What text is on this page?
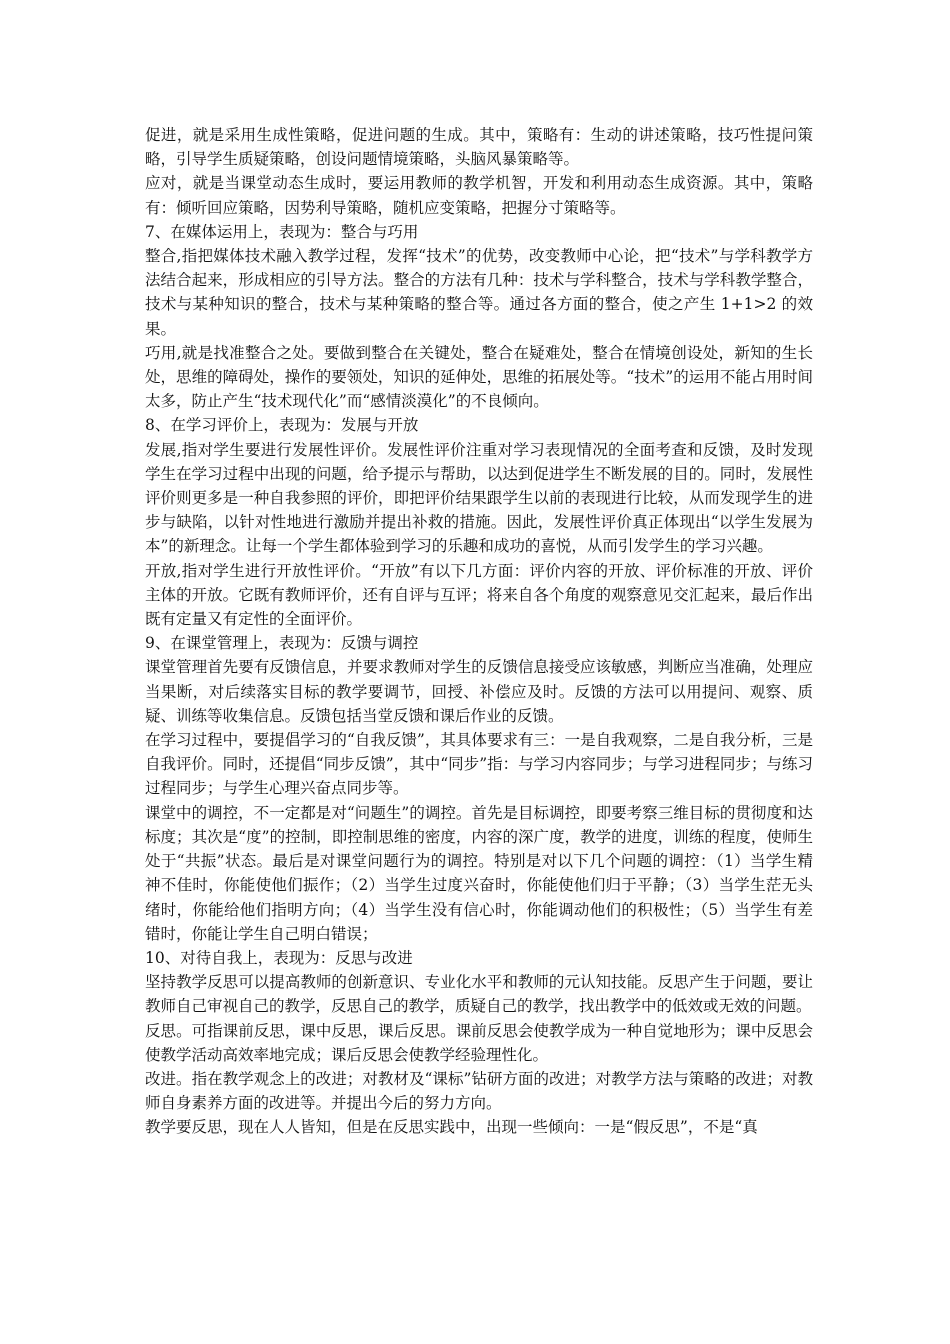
促进，就是采用生成性策略，促进问题的生成。其中，策略有：生动的讲述策略，技巧性提问策略，引导学生质疑策略，创设问题情境策略，头脑风暴策略等。

应对，就是当课堂动态生成时，要运用教师的教学机智，开发和利用动态生成资源。其中，策略有：倾听回应策略，因势利导策略，随机应变策略，把握分寸策略等。

7、在媒体运用上，表现为：整合与巧用

整合,指把媒体技术融入教学过程，发挥“技术”的优势，改变教师中心论，把“技术”与学科教学方法结合起来，形成相应的引导方法。整合的方法有几种：技术与学科整合，技术与学科教学整合，技术与某种知识的整合，技术与某种策略的整合等。通过各方面的整合，使之产生 1+1>2 的效果。

巧用,就是找准整合之处。要做到整合在关键处，整合在疑难处，整合在情境创设处，新知的生长处，思维的障碍处，操作的要领处，知识的延伸处，思维的拓展处等。“技术”的运用不能占用时间太多，防止产生“技术现代化”而“感情淡漠化”的不良倾向。

8、在学习评价上，表现为：发展与开放

发展,指对学生要进行发展性评价。发展性评价注重对学习表现情况的全面考查和反馈，及时发现学生在学习过程中出现的问题，给予提示与帮助，以达到促进学生不断发展的目的。同时，发展性评价则更多是一种自我参照的评价，即把评价结果跟学生以前的表现进行比较，从而发现学生的进步与缺陷，以针对性地进行激励并提出补救的措施。因此，发展性评价真正体现出“以学生发展为本”的新理念。让每一个学生都体验到学习的乐趣和成功的喜悦，从而引发学生的学习兴趣。

开放,指对学生进行开放性评价。“开放”有以下几方面：评价内容的开放、评价标准的开放、评价主体的开放。它既有教师评价，还有自评与互评；将来自各个角度的观察意见交汇起来，最后作出既有定量又有定性的全面评价。

9、在课堂管理上，表现为：反馈与调控

课堂管理首先要有反馈信息，并要求教师对学生的反馈信息接受应该敏感，判断应当准确，处理应当果断，对后续落实目标的教学要调节，回授、补偿应及时。反馈的方法可以用提问、观察、质疑、训练等收集信息。反馈包括当堂反馈和课后作业的反馈。

在学习过程中，要提倡学习的“自我反馈”，其具体要求有三：一是自我观察，二是自我分析，三是自我评价。同时，还提倡“同步反馈”，其中“同步”指：与学习内容同步；与学习进程同步；与练习过程同步；与学生心理兴奋点同步等。

课堂中的调控，不一定都是对“问题生”的调控。首先是目标调控，即要考察三维目标的贯彻度和达标度；其次是“度”的控制，即控制思维的密度，内容的深广度，教学的进度，训练的程度，使师生处于“共振”状态。最后是对课堂问题行为的调控。特别是对以下几个问题的调控：（1）当学生精神不佳时，你能使他们振作；（2）当学生过度兴奋时，你能使他们归于平静；（3）当学生茫无头绪时，你能给他们指明方向；（4）当学生没有信心时，你能调动他们的积极性；（5）当学生有差错时，你能让学生自己明白错误；

10、对待自我上，表现为：反思与改进

坚持教学反思可以提高教师的创新意识、专业化水平和教师的元认知技能。反思产生于问题，要让教师自己审视自己的教学，反思自己的教学，质疑自己的教学，找出教学中的低效或无效的问题。

反思。可指课前反思，课中反思，课后反思。课前反思会使教学成为一种自觉地形为；课中反思会使教学活动高效率地完成；课后反思会使教学经验理性化。

改进。指在教学观念上的改进；对教材及“课标”钻研方面的改进；对教学方法与策略的改进；对教师自身素养方面的改进等。并提出今后的努力方向。

教学要反思，现在人人皆知，但是在反思实践中，出现一些倾向：一是“假反思”，不是“真
